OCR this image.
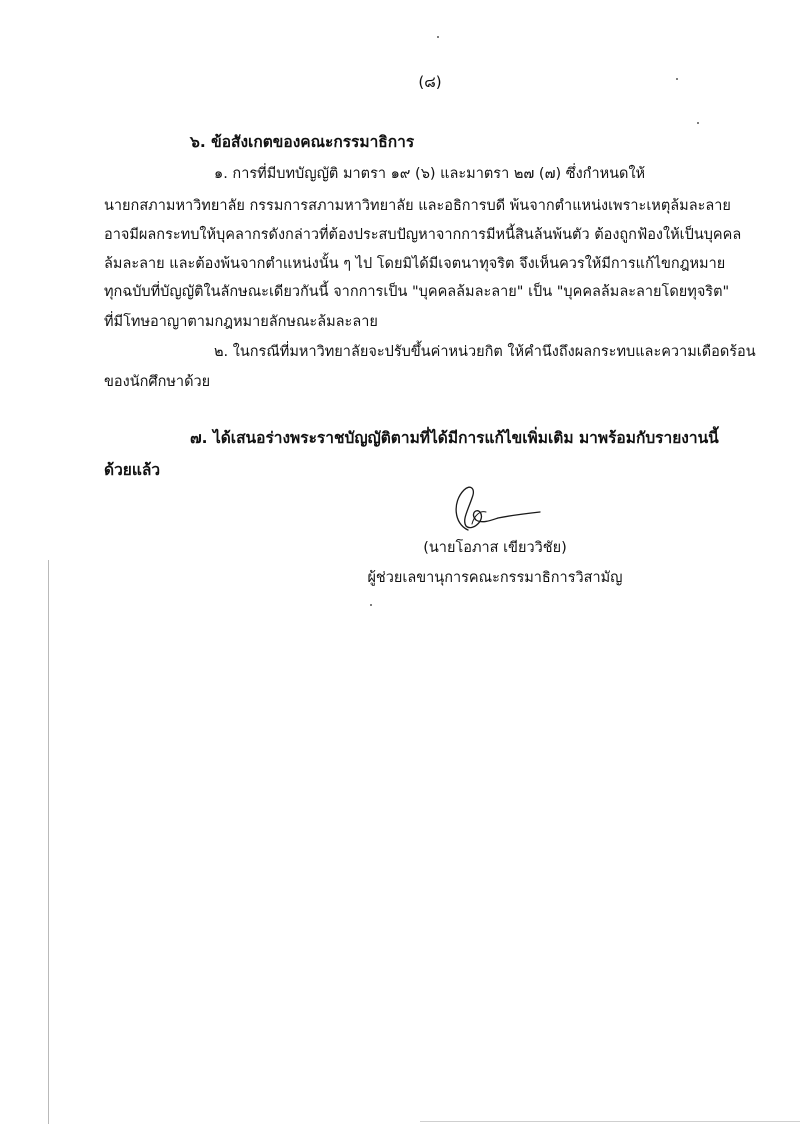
(๘)
๖. ข้อสังเกตของคณะกรรมาธิการ
๑. การที่มีบทบัญญัติ มาตรา ๑๙ (๖) และมาตรา ๒๗ (๗) ซึ่งกำหนดให้
นายกสภามหาวิทยาลัย กรรมการสภามหาวิทยาลัย และอธิการบดี พ้นจากตำแหน่งเพราะเหตุล้มละลาย
อาจมีผลกระทบให้บุคลากรดังกล่าวที่ต้องประสบปัญหาจากการมีหนี้สินล้นพ้นตัว ต้องถูกฟ้องให้เป็นบุคคล
ล้มละลาย และต้องพ้นจากตำแหน่งนั้น ๆ ไป โดยมิได้มีเจตนาทุจริต จึงเห็นควรให้มีการแก้ไขกฎหมาย
ทุกฉบับที่บัญญัติในลักษณะเดียวกันนี้ จากการเป็น "บุคคลล้มละลาย" เป็น "บุคคลล้มละลายโดยทุจริต"
ที่มีโทษอาญาตามกฎหมายลักษณะล้มละลาย
๒. ในกรณีที่มหาวิทยาลัยจะปรับขึ้นค่าหน่วยกิต ให้คำนึงถึงผลกระทบและความเดือดร้อน
ของนักศึกษาด้วย
๗. ได้เสนอร่างพระราชบัญญัติตามที่ได้มีการแก้ไขเพิ่มเติม มาพร้อมกับรายงานนี้
ด้วยแล้ว
(นายโอภาส เขียววิชัย)
ผู้ช่วยเลขานุการคณะกรรมาธิการวิสามัญ
